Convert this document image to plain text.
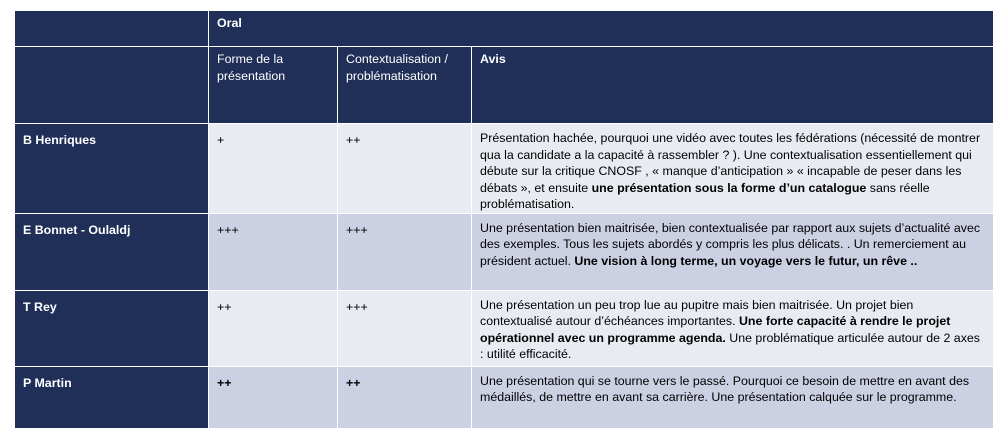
	Oral		
	Forme de la présentation	Contextualisation / problématisation	Avis
B Henriques	+	++	Présentation hachée, pourquoi une vidéo avec toutes les fédérations (nécessité de montrer qua la candidate a la capacité à rassembler ? ). Une contextualisation essentiellement qui débute sur la critique CNOSF , « manque d’anticipation » « incapable de peser dans les débats », et ensuite une présentation sous la forme d’un catalogue sans réelle problématisation.
E Bonnet - Oulaldj	+++	+++	Une présentation bien maitrisée, bien contextualisée par rapport aux sujets d’actualité avec des exemples. Tous les sujets abordés y compris les plus délicats. . Un remerciement au président actuel. Une vision à long terme, un voyage vers le futur, un rêve ..
T Rey	++	+++	Une présentation un peu trop lue au pupitre mais bien maitrisée. Un projet bien contextualisé autour d’échéances importantes. Une forte capacité à rendre le projet opérationnel avec un programme agenda. Une problématique articulée autour de 2 axes : utilité efficacité.
P Martin	++	++	Une présentation qui se tourne vers le passé. Pourquoi ce besoin de mettre en avant des médaillés, de mettre en avant sa carrière. Une présentation calquée sur le programme.
